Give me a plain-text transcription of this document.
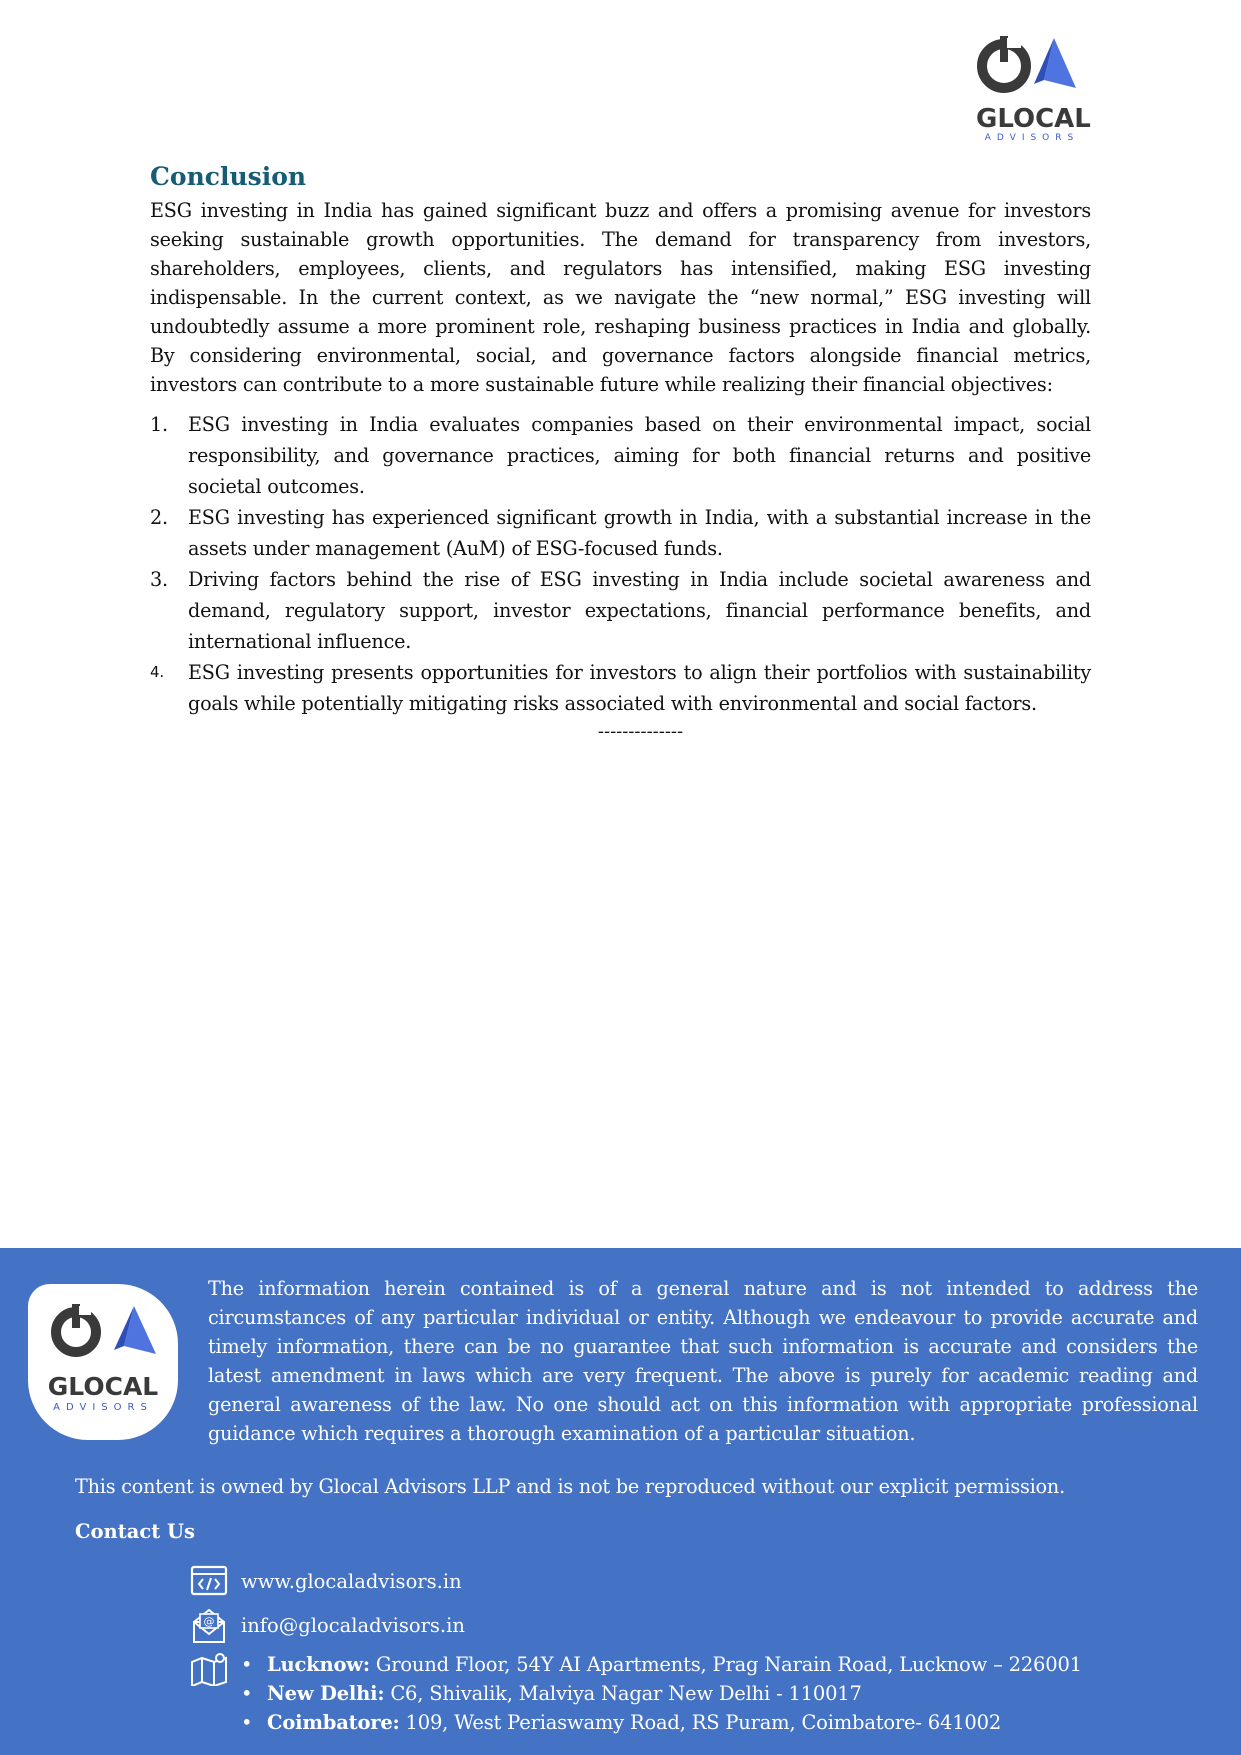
GLOCAL
ADVISORS
Conclusion

ESG investing in India has gained significant buzz and offers a promising avenue for investors seeking sustainable growth opportunities. The demand for transparency from investors, shareholders, employees, clients, and regulators has intensified, making ESG investing indispensable. In the current context, as we navigate the “new normal,” ESG investing will undoubtedly assume a more prominent role, reshaping business practices in India and globally. By considering environmental, social, and governance factors alongside financial metrics, investors can contribute to a more sustainable future while realizing their financial objectives:

1. ESG investing in India evaluates companies based on their environmental impact, social responsibility, and governance practices, aiming for both financial returns and positive societal outcomes.
2. ESG investing has experienced significant growth in India, with a substantial increase in the assets under management (AuM) of ESG-focused funds.
3. Driving factors behind the rise of ESG investing in India include societal awareness and demand, regulatory support, investor expectations, financial performance benefits, and international influence.
4. ESG investing presents opportunities for investors to align their portfolios with sustainability goals while potentially mitigating risks associated with environmental and social factors.
--------------
GLOCAL
ADVISORS

The information herein contained is of a general nature and is not intended to address the circumstances of any particular individual or entity. Although we endeavour to provide accurate and timely information, there can be no guarantee that such information is accurate and considers the latest amendment in laws which are very frequent. The above is purely for academic reading and general awareness of the law. No one should act on this information with appropriate professional guidance which requires a thorough examination of a particular situation.

This content is owned by Glocal Advisors LLP and is not be reproduced without our explicit permission.

Contact Us

www.glocaladvisors.in
@ info@glocaladvisors.in
• Lucknow: Ground Floor, 54Y AI Apartments, Prag Narain Road, Lucknow – 226001
• New Delhi: C6, Shivalik, Malviya Nagar New Delhi - 110017
• Coimbatore: 109, West Periaswamy Road, RS Puram, Coimbatore- 641002
